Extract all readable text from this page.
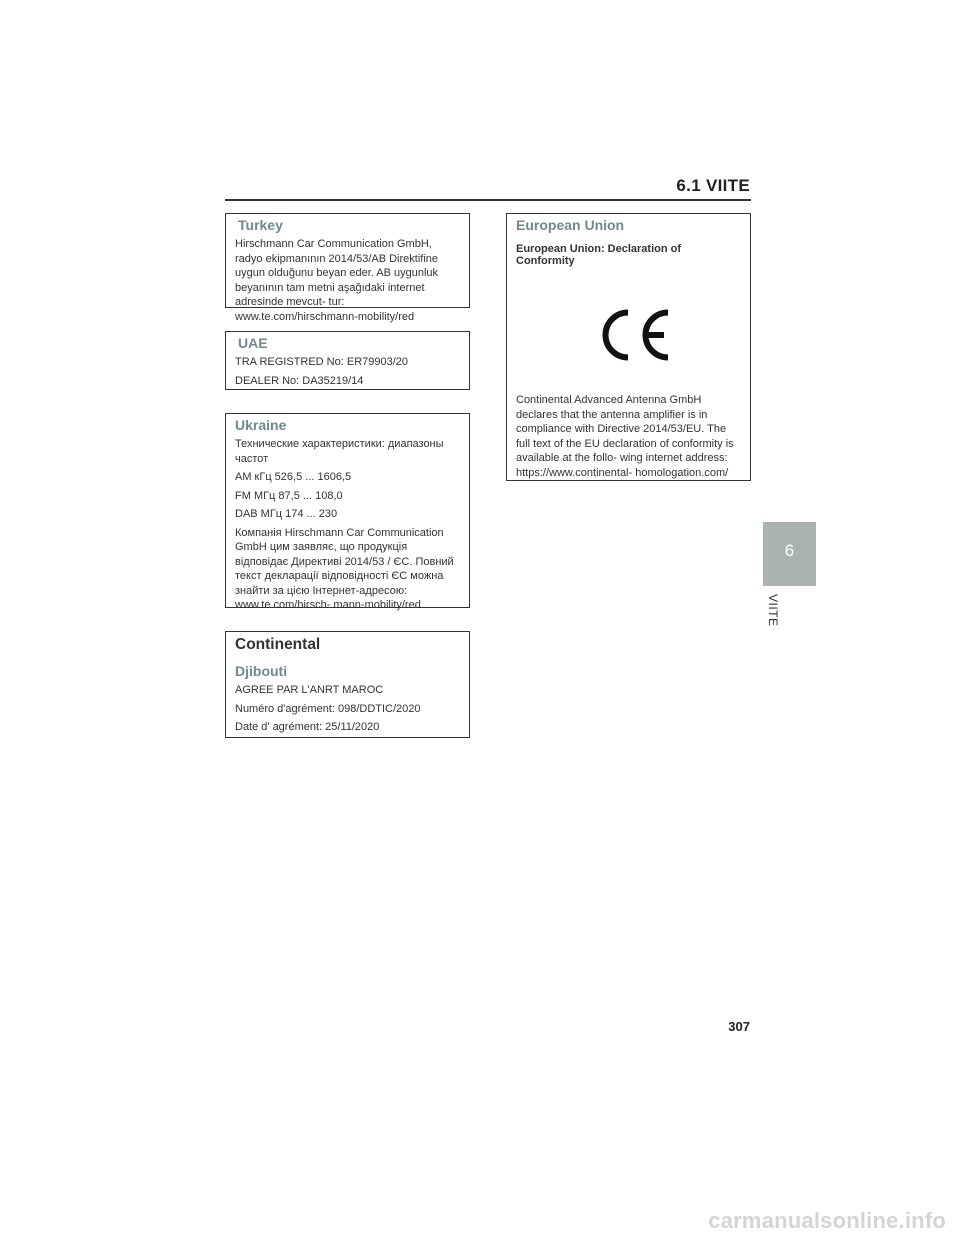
6.1 VIITE
Turkey

Hirschmann Car Communication GmbH, radyo ekipmanının 2014/53/AB Direktifine uygun olduğunu beyan eder. AB uygunluk beyanının tam metni aşağıdaki internet adresinde mevcut- tur: www.te.com/hirschmann-mobility/red

UAE

TRA REGISTRED No: ER79903/20

DEALER No: DA35219/14

Ukraine

Технические характеристики: диапазоны частот

AM кГц 526,5 ... 1606,5

FM МГц 87,5 ... 108,0

DAB МГц 174 ... 230

Компанія Hirschmann Car Communication GmbH цим заявляє, що продукція відповідає Директиві 2014/53 / ЄС. Повний текст декларації відповідності ЄС можна знайти за цією Інтернет-адресою: www.te.com/hirsch- mann-mobility/red

Continental
Djibouti

AGREE PAR L'ANRT MAROC

Numéro d'agrément: 098/DDTIC/2020

Date d' agrément: 25/11/2020

European Union
European Union: Declaration of Conformity

Continental Advanced Antenna GmbH declares that the antenna amplifier is in compliance with Directive 2014/53/EU. The full text of the EU declaration of conformity is available at the follo- wing internet address: https://www.continental- homologation.com/

6
VIITE
307
carmanualsonline.info
